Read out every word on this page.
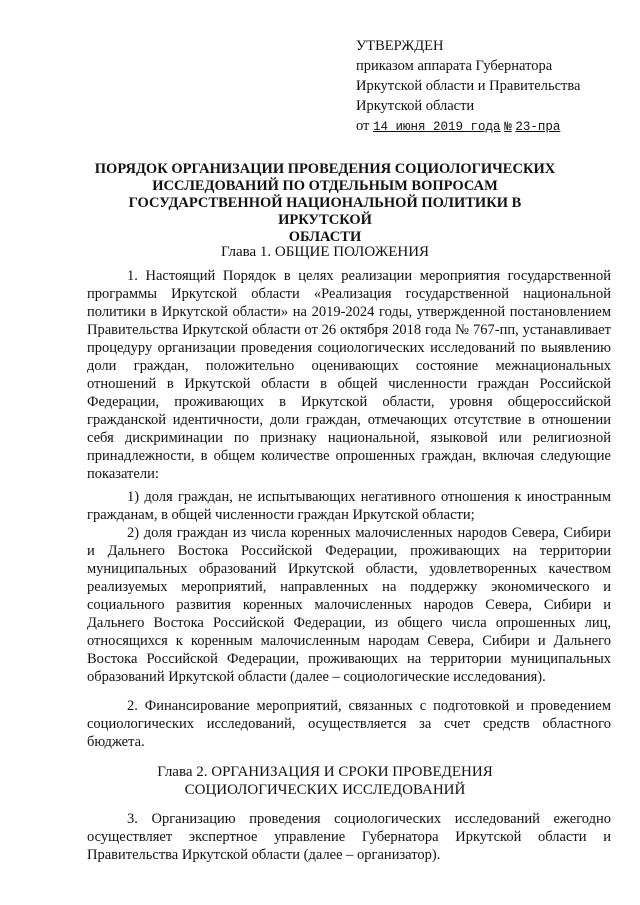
УТВЕРЖДЕН
приказом аппарата Губернатора
Иркутской области и Правительства
Иркутской области
от 14 июня 2019 года № 23-пра
ПОРЯДОК ОРГАНИЗАЦИИ ПРОВЕДЕНИЯ СОЦИОЛОГИЧЕСКИХ
ИССЛЕДОВАНИЙ ПО ОТДЕЛЬНЫМ ВОПРОСАМ
ГОСУДАРСТВЕННОЙ НАЦИОНАЛЬНОЙ ПОЛИТИКИ В ИРКУТСКОЙ
ОБЛАСТИ
Глава 1. ОБЩИЕ ПОЛОЖЕНИЯ

1. Настоящий Порядок в целях реализации мероприятия государственной программы Иркутской области «Реализация государственной национальной политики в Иркутской области» на 2019-2024 годы, утвержденной постановлением Правительства Иркутской области от 26 октября 2018 года № 767-пп, устанавливает процедуру организации проведения социологических исследований по выявлению доли граждан, положительно оценивающих состояние межнациональных отношений в Иркутской области в общей численности граждан Российской Федерации, проживающих в Иркутской области, уровня общероссийской гражданской идентичности, доли граждан, отмечающих отсутствие в отношении себя дискриминации по признаку национальной, языковой или религиозной принадлежности, в общем количестве опрошенных граждан, включая следующие показатели:

1) доля граждан, не испытывающих негативного отношения к иностранным гражданам, в общей численности граждан Иркутской области;

2) доля граждан из числа коренных малочисленных народов Севера, Сибири и Дальнего Востока Российской Федерации, проживающих на территории муниципальных образований Иркутской области, удовлетворенных качеством реализуемых мероприятий, направленных на поддержку экономического и социального развития коренных малочисленных народов Севера, Сибири и Дальнего Востока Российской Федерации, из общего числа опрошенных лиц, относящихся к коренным малочисленным народам Севера, Сибири и Дальнего Востока Российской Федерации, проживающих на территории муниципальных образований Иркутской области (далее – социологические исследования).

2. Финансирование мероприятий, связанных с подготовкой и проведением социологических исследований, осуществляется за счет средств областного бюджета.

Глава 2. ОРГАНИЗАЦИЯ И СРОКИ ПРОВЕДЕНИЯ
СОЦИОЛОГИЧЕСКИХ ИССЛЕДОВАНИЙ

3. Организацию проведения социологических исследований ежегодно осуществляет экспертное управление Губернатора Иркутской области и Правительства Иркутской области (далее – организатор).
